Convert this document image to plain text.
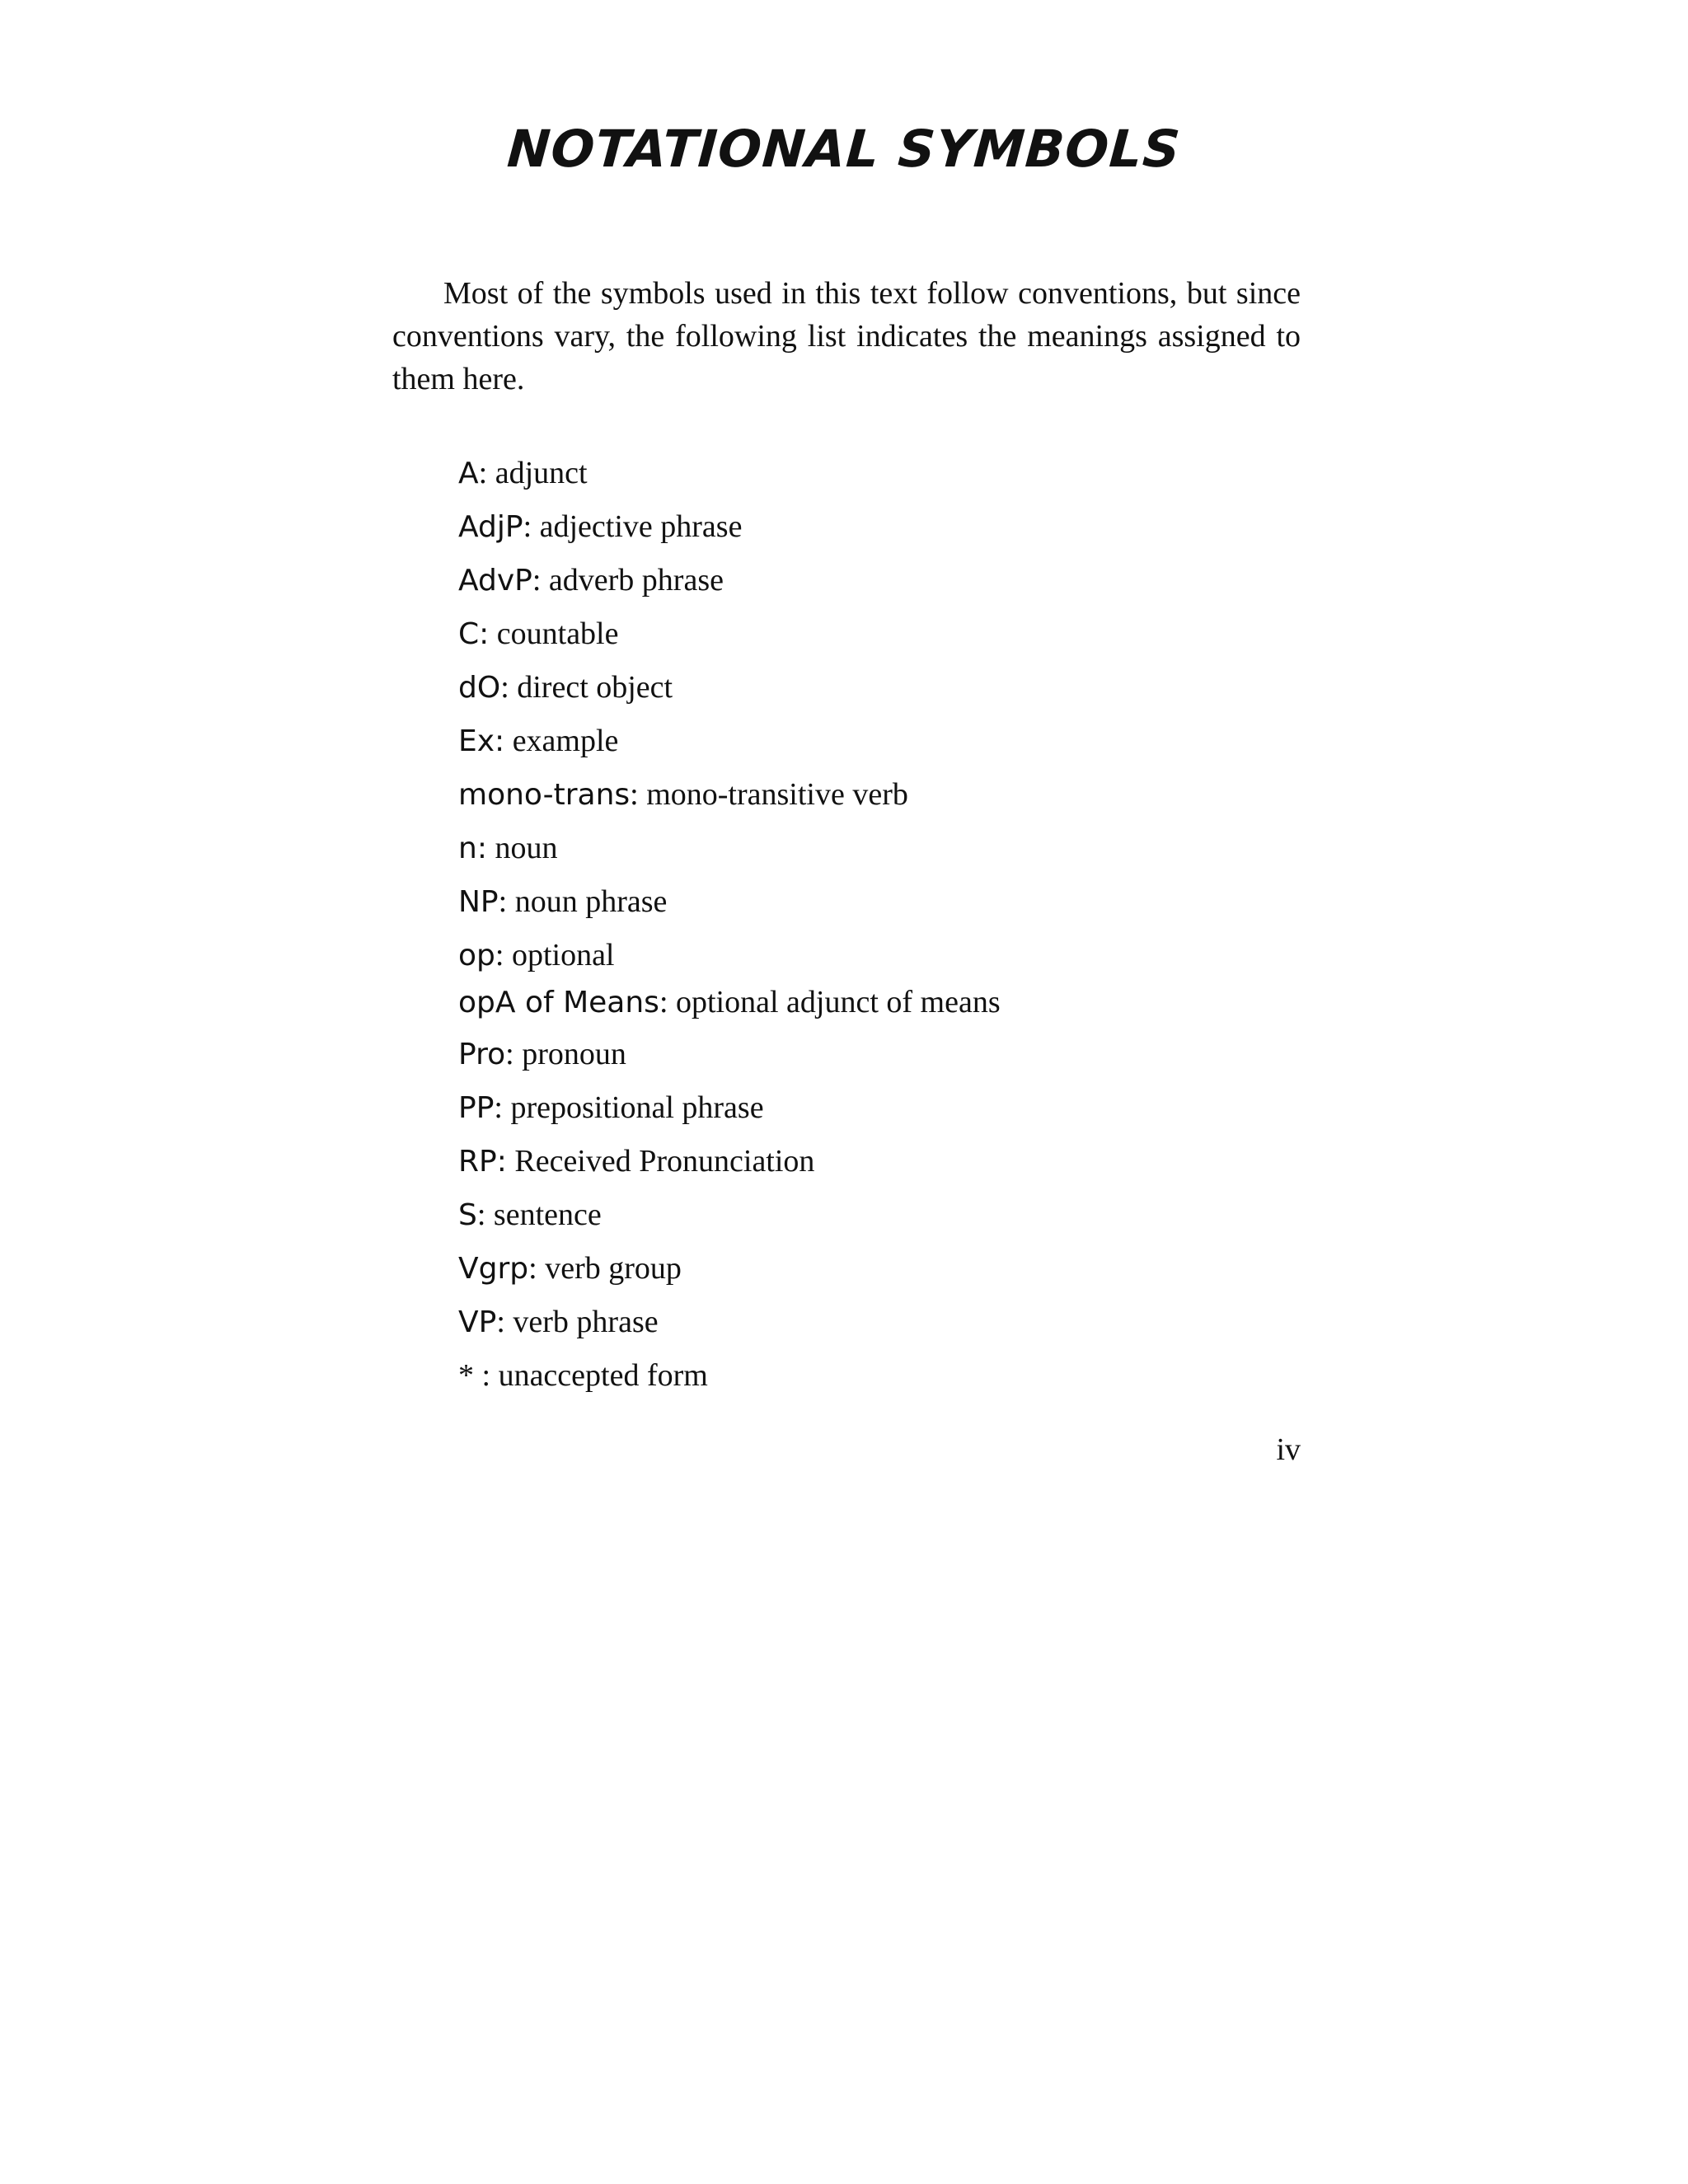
NOTATIONAL SYMBOLS

Most of the symbols used in this text follow conventions, but since conventions vary, the following list indicates the meanings assigned to them here.

A: adjunct
AdjP: adjective phrase
AdvP: adverb phrase
C: countable
dO: direct object
Ex: example
mono-trans: mono-transitive verb
n: noun
NP: noun phrase
op: optional
opA of Means: optional adjunct of means
Pro: pronoun
PP: prepositional phrase
RP: Received Pronunciation
S: sentence
Vgrp: verb group
VP: verb phrase
* : unaccepted form

iv
